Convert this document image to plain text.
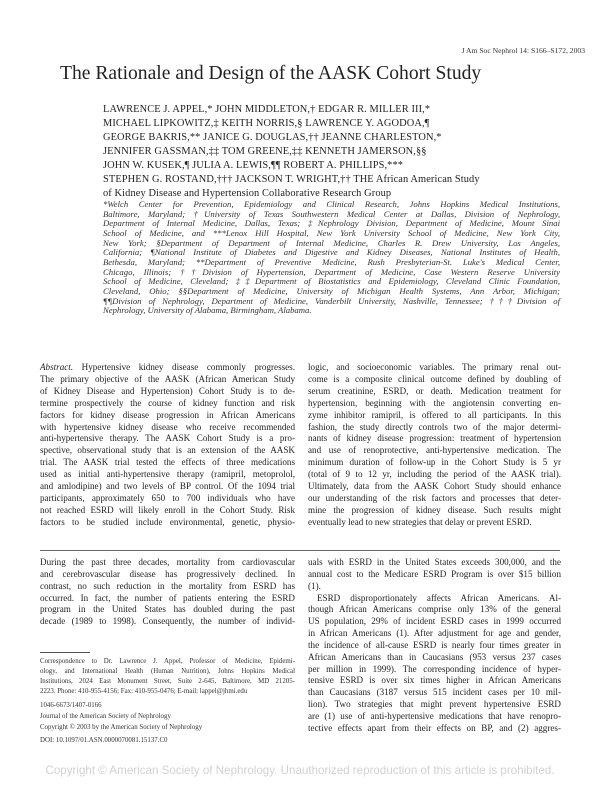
J Am Soc Nephrol 14: S166–S172, 2003
The Rationale and Design of the AASK Cohort Study
LAWRENCE J. APPEL,* JOHN MIDDLETON,† EDGAR R. MILLER III,*
MICHAEL LIPKOWITZ,‡ KEITH NORRIS,§ LAWRENCE Y. AGODOA,¶
GEORGE BAKRIS,** JANICE G. DOUGLAS,†† JEANNE CHARLESTON,*
JENNIFER GASSMAN,‡‡ TOM GREENE,‡‡ KENNETH JAMERSON,§§
JOHN W. KUSEK,¶ JULIA A. LEWIS,¶¶ ROBERT A. PHILLIPS,***
STEPHEN G. ROSTAND,††† JACKSON T. WRIGHT,†† THE African American Study
of Kidney Disease and Hypertension Collaborative Research Group
*Welch Center for Prevention, Epidemiology and Clinical Research, Johns Hopkins Medical Institutions,
Baltimore, Maryland; †University of Texas Southwestern Medical Center at Dallas, Division of Nephrology,
Department of Internal Medicine, Dallas, Texas; ‡Nephrology Division, Department of Medicine, Mount Sinai
School of Medicine, and ***Lenox Hill Hospital, New York University School of Medicine, New York City,
New York; §Department of Department of Internal Medicine, Charles R. Drew University, Los Angeles,
California; ¶National Institute of Diabetes and Digestive and Kidney Diseases, National Institutes of Health,
Bethesda, Maryland; **Department of Preventive Medicine, Rush Presbyterian-St. Luke's Medical Center,
Chicago, Illinois; ††Division of Hypertension, Department of Medicine, Case Western Reserve University
School of Medicine, Cleveland; ‡‡Department of Biostatistics and Epidemiology, Cleveland Clinic Foundation,
Cleveland, Ohio; §§Department of Medicine, University of Michigan Health Systems, Ann Arbor, Michigan;
¶¶Division of Nephrology, Department of Medicine, Vanderbilt University, Nashville, Tennessee; †††Division of
Nephrology, University of Alabama, Birmingham, Alabama.
Abstract. Hypertensive kidney disease commonly progresses.
The primary objective of the AASK (African American Study
of Kidney Disease and Hypertension) Cohort Study is to de-
termine prospectively the course of kidney function and risk
factors for kidney disease progression in African Americans
with hypertensive kidney disease who receive recommended
anti-hypertensive therapy. The AASK Cohort Study is a pro-
spective, observational study that is an extension of the AASK
trial. The AASK trial tested the effects of three medications
used as initial anti-hypertensive therapy (ramipril, metoprolol,
and amlodipine) and two levels of BP control. Of the 1094 trial
participants, approximately 650 to 700 individuals who have
not reached ESRD will likely enroll in the Cohort Study. Risk
factors to be studied include environmental, genetic, physio-
logic, and socioeconomic variables. The primary renal out-
come is a composite clinical outcome defined by doubling of
serum creatinine, ESRD, or death. Medication treatment for
hypertension, beginning with the angiotensin converting en-
zyme inhibitor ramipril, is offered to all participants. In this
fashion, the study directly controls two of the major determi-
nants of kidney disease progression: treatment of hypertension
and use of renoprotective, anti-hypertensive medication. The
minimum duration of follow-up in the Cohort Study is 5 yr
(total of 9 to 12 yr, including the period of the AASK trial).
Ultimately, data from the AASK Cohort Study should enhance
our understanding of the risk factors and processes that deter-
mine the progression of kidney disease. Such results might
eventually lead to new strategies that delay or prevent ESRD.
During the past three decades, mortality from cardiovascular
and cerebrovascular disease has progressively declined. In
contrast, no such reduction in the mortality from ESRD has
occurred. In fact, the number of patients entering the ESRD
program in the United States has doubled during the past
decade (1989 to 1998). Consequently, the number of individ-
uals with ESRD in the United States exceeds 300,000, and the
annual cost to the Medicare ESRD Program is over $15 billion
(1).
ESRD disproportionately affects African Americans. Al-
though African Americans comprise only 13% of the general
US population, 29% of incident ESRD cases in 1999 occurred
in African Americans (1). After adjustment for age and gender,
the incidence of all-cause ESRD is nearly four times greater in
African Americans than in Caucasians (953 versus 237 cases
per million in 1999). The corresponding incidence of hyper-
tensive ESRD is over six times higher in African Americans
than Caucasians (3187 versus 515 incident cases per 10 mil-
lion). Two strategies that might prevent hypertensive ESRD
are (1) use of anti-hypertensive medications that have renopro-
tective effects apart from their effects on BP, and (2) aggres-
Correspondence to Dr. Lawrence J. Appel, Professor of Medicine, Epidemi-
ology, and International Health (Human Nutrition), Johns Hopkins Medical
Institutions, 2024 East Monument Street, Suite 2-645, Baltimore, MD 21205-
2223. Phone: 410-955-4156; Fax: 410-955-0476; E-mail: lappel@jhmi.edu
1046-6673/1407-0166
Journal of the American Society of Nephrology
Copyright © 2003 by the American Society of Nephrology
DOI: 10.1097/01.ASN.0000070081.15137.C0
Copyright © American Society of Nephrology. Unauthorized reproduction of this article is prohibited.
